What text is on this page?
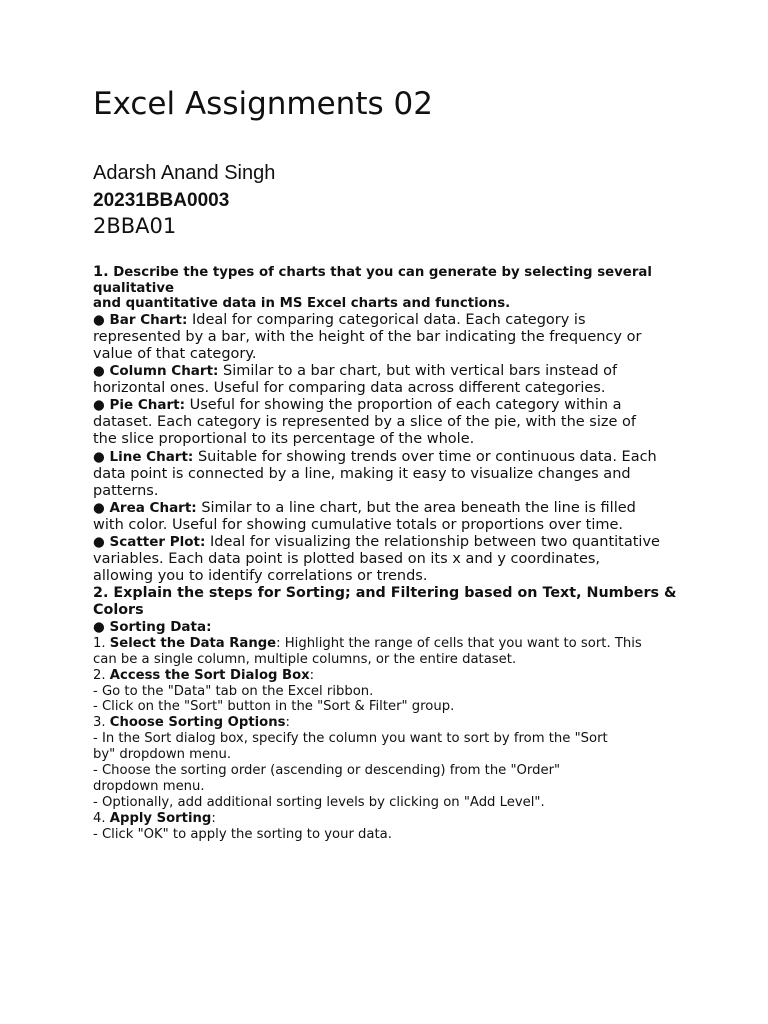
Excel Assignments 02
Adarsh Anand Singh
20231BBA0003
2BBA01

1. Describe the types of charts that you can generate by selecting several qualitative
and quantitative data in MS Excel charts and functions.

● Bar Chart: Ideal for comparing categorical data. Each category is
represented by a bar, with the height of the bar indicating the frequency or
value of that category.

● Column Chart: Similar to a bar chart, but with vertical bars instead of
horizontal ones. Useful for comparing data across different categories.

● Pie Chart: Useful for showing the proportion of each category within a
dataset. Each category is represented by a slice of the pie, with the size of
the slice proportional to its percentage of the whole.

● Line Chart: Suitable for showing trends over time or continuous data. Each
data point is connected by a line, making it easy to visualize changes and
patterns.

● Area Chart: Similar to a line chart, but the area beneath the line is filled
with color. Useful for showing cumulative totals or proportions over time.

● Scatter Plot: Ideal for visualizing the relationship between two quantitative
variables. Each data point is plotted based on its x and y coordinates,
allowing you to identify correlations or trends.

2. Explain the steps for Sorting; and Filtering based on Text, Numbers &
Colors

● Sorting Data:

1. Select the Data Range: Highlight the range of cells that you want to sort. This
can be a single column, multiple columns, or the entire dataset.

2. Access the Sort Dialog Box:
- Go to the "Data" tab on the Excel ribbon.
- Click on the "Sort" button in the "Sort & Filter" group.

3. Choose Sorting Options:
- In the Sort dialog box, specify the column you want to sort by from the "Sort
by" dropdown menu.
- Choose the sorting order (ascending or descending) from the "Order"
dropdown menu.
- Optionally, add additional sorting levels by clicking on "Add Level".

4. Apply Sorting:
- Click "OK" to apply the sorting to your data.
